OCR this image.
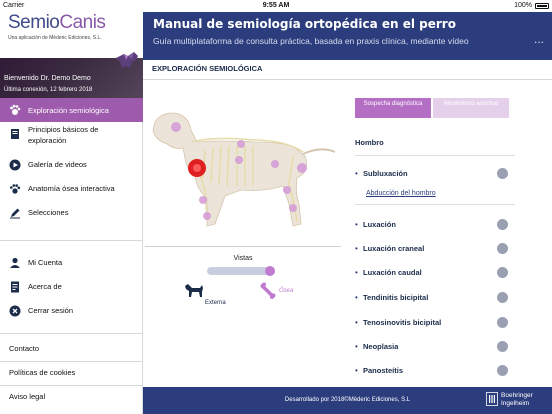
Carrier	9:55 AM	100%
SemioCanis
Una aplicación de Mèderic Ediciones, S.L.
Bienvenido Dr. Demo Demo
Última conexión, 12 febrero 2018
Exploración semiológica
Principios básicos de exploración
Galería de videos
Anatomía ósea interactiva
Selecciones
Mi Cuenta
Acerca de
Cerrar sesión
Contacto
Políticas de cookies
Aviso legal
Manual de semiología ortopédica en el perro
Guía multiplataforma de consulta práctica, basada en praxis clínica, mediante vídeo	...
EXPLORACIÓN SEMIOLÓGICA
Vistas
Externa
Ósea
Sospecha diagnóstica	Movimiento anormal
Hombro
• Subluxación
Abducción del hombro
• Luxación
• Luxación craneal
• Luxación caudal
• Tendinitis bicipital
• Tenosinovitis bicipital
• Neoplasia
• Panosteítis
Desarrollado por 2018©Mèderic Ediciones, S.L
Boehringer
Ingelheim
